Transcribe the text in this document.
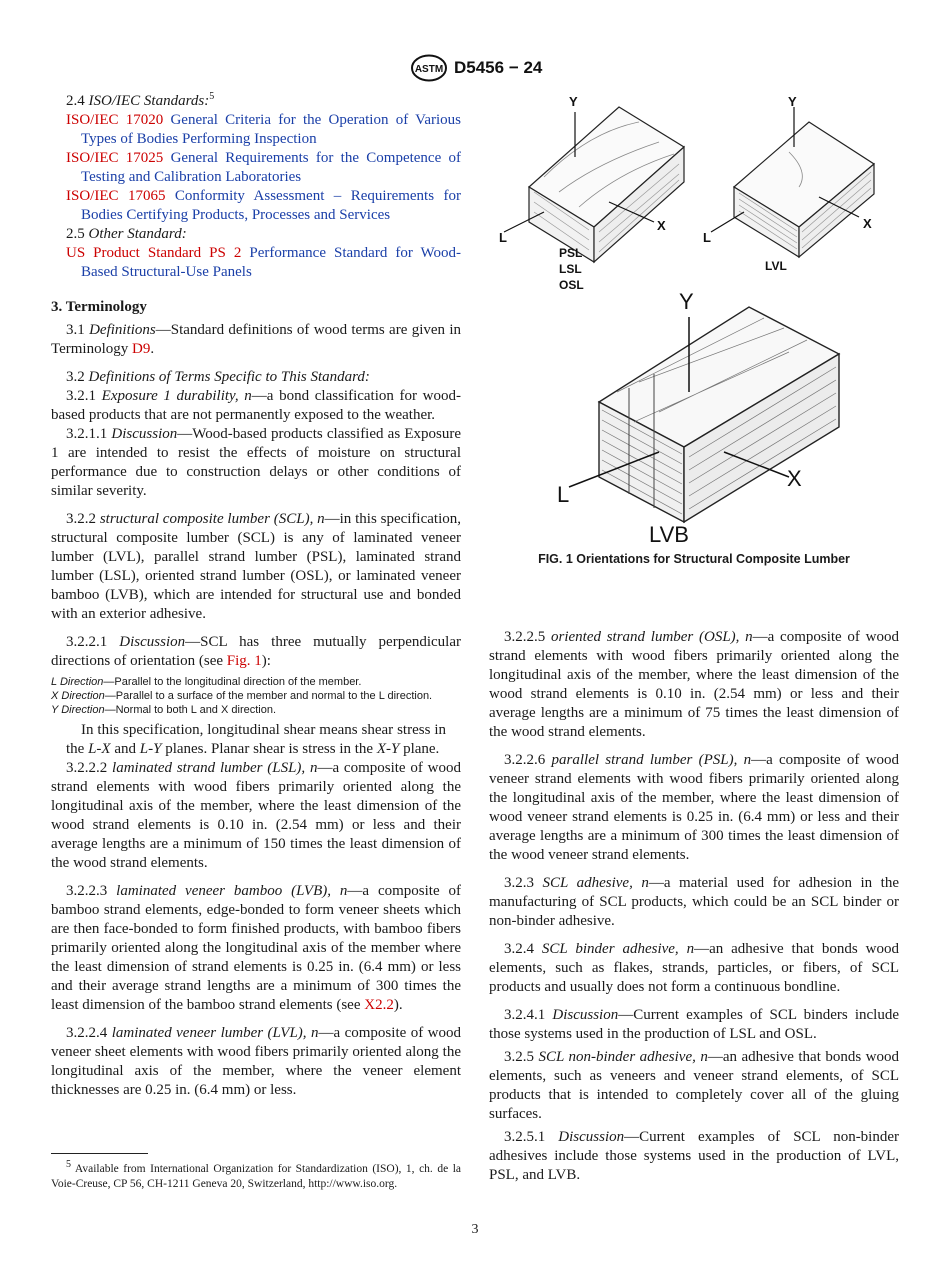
ASTM D5456 − 24

2.4 ISO/IEC Standards:$^5$

ISO/IEC 17020 General Criteria for the Operation of Various Types of Bodies Performing Inspection

ISO/IEC 17025 General Requirements for the Competence of Testing and Calibration Laboratories

ISO/IEC 17065 Conformity Assessment – Requirements for Bodies Certifying Products, Processes and Services

2.5 Other Standard:

US Product Standard PS 2 Performance Standard for Wood-Based Structural-Use Panels

3. Terminology

3.1 Definitions—Standard definitions of wood terms are given in Terminology D9.

3.2 Definitions of Terms Specific to This Standard:

3.2.1 Exposure 1 durability, n—a bond classification for wood-based products that are not permanently exposed to the weather.

3.2.1.1 Discussion—Wood-based products classified as Exposure 1 are intended to resist the effects of moisture on structural performance due to construction delays or other conditions of similar severity.

3.2.2 structural composite lumber (SCL), n—in this specification, structural composite lumber (SCL) is any of laminated veneer lumber (LVL), parallel strand lumber (PSL), laminated strand lumber (LSL), oriented strand lumber (OSL), or laminated veneer bamboo (LVB), which are intended for structural use and bonded with an exterior adhesive.

3.2.2.1 Discussion—SCL has three mutually perpendicular directions of orientation (see Fig. 1):

L Direction—Parallel to the longitudinal direction of the member.

X Direction—Parallel to a surface of the member and normal to the L direction.

Y Direction—Normal to both L and X direction.

In this specification, longitudinal shear means shear stress in the L-X and L-Y planes. Planar shear is stress in the X-Y plane.

3.2.2.2 laminated strand lumber (LSL), n—a composite of wood strand elements with wood fibers primarily oriented along the longitudinal axis of the member, where the least dimension of the wood strand elements is 0.10 in. (2.54 mm) or less and their average lengths are a minimum of 150 times the least dimension of the wood strand elements.

3.2.2.3 laminated veneer bamboo (LVB), n—a composite of bamboo strand elements, edge-bonded to form veneer sheets which are then face-bonded to form finished products, with bamboo fibers primarily oriented along the longitudinal axis of the member where the least dimension of strand elements is 0.25 in. (6.4 mm) or less and their average strand lengths are a minimum of 300 times the least dimension of the bamboo strand elements (see X2.2).

3.2.2.4 laminated veneer lumber (LVL), n—a composite of wood veneer sheet elements with wood fibers primarily oriented along the longitudinal axis of the member, where the veneer element thicknesses are 0.25 in. (6.4 mm) or less.

$^5$ Available from International Organization for Standardization (ISO), 1, ch. de la Voie-Creuse, CP 56, CH-1211 Geneva 20, Switzerland, http://www.iso.org.
Y
X
L
PSL
LSL
OSL
Y
X
L
LVL
Y
X
L
LVB
FIG. 1 Orientations for Structural Composite Lumber

3.2.2.5 oriented strand lumber (OSL), n—a composite of wood strand elements with wood fibers primarily oriented along the longitudinal axis of the member, where the least dimension of the wood strand elements is 0.10 in. (2.54 mm) or less and their average lengths are a minimum of 75 times the least dimension of the wood strand elements.

3.2.2.6 parallel strand lumber (PSL), n—a composite of wood veneer strand elements with wood fibers primarily oriented along the longitudinal axis of the member, where the least dimension of wood veneer strand elements is 0.25 in. (6.4 mm) or less and their average lengths are a minimum of 300 times the least dimension of the wood veneer strand elements.

3.2.3 SCL adhesive, n—a material used for adhesion in the manufacturing of SCL products, which could be an SCL binder or non-binder adhesive.

3.2.4 SCL binder adhesive, n—an adhesive that bonds wood elements, such as flakes, strands, particles, or fibers, of SCL products and usually does not form a continuous bondline.

3.2.4.1 Discussion—Current examples of SCL binders include those systems used in the production of LSL and OSL.

3.2.5 SCL non-binder adhesive, n—an adhesive that bonds wood elements, such as veneers and veneer strand elements, of SCL products that is intended to completely cover all of the gluing surfaces.

3.2.5.1 Discussion—Current examples of SCL non-binder adhesives include those systems used in the production of LVL, PSL, and LVB.

3
